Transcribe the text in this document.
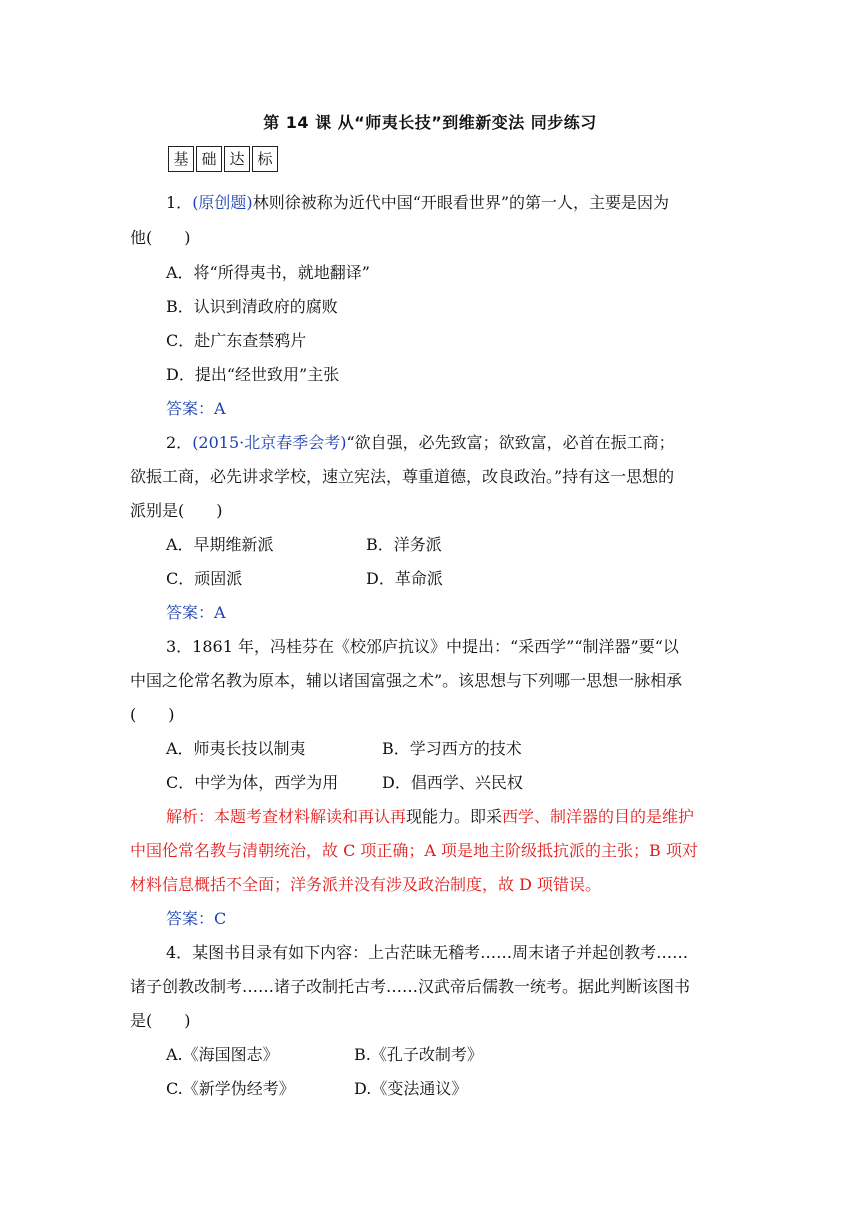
第 14 课 从“师夷长技”到维新变法 同步练习
基 础 达 标
1．(原创题)林则徐被称为近代中国“开眼看世界”的第一人，主要是因为
他(　　)
A．将“所得夷书，就地翻译”
B．认识到清政府的腐败
C．赴广东查禁鸦片
D．提出“经世致用”主张
答案：A
2．(2015·北京春季会考)“欲自强，必先致富；欲致富，必首在振工商；
欲振工商，必先讲求学校，速立宪法，尊重道德，改良政治。”持有这一思想的
派别是(　　)
A．早期维新派	B．洋务派
C．顽固派	D．革命派
答案：A
3．1861 年，冯桂芬在《校邠庐抗议》中提出：“采西学”“制洋器”要“以
中国之伦常名教为原本，辅以诸国富强之术”。该思想与下列哪一思想一脉相承
(　　)
A．师夷长技以制夷	B．学习西方的技术
C．中学为体，西学为用	D．倡西学、兴民权
解析：本题考查材料解读和再认再现能力。即采西学、制洋器的目的是维护
中国伦常名教与清朝统治，故 C 项正确；A 项是地主阶级抵抗派的主张；B 项对
材料信息概括不全面；洋务派并没有涉及政治制度，故 D 项错误。
答案：C
4．某图书目录有如下内容：上古茫昧无稽考……周末诸子并起创教考……
诸子创教改制考……诸子改制托古考……汉武帝后儒教一统考。据此判断该图书
是(　　)
A.《海国图志》	B.《孔子改制考》
C.《新学伪经考》	D.《变法通议》
